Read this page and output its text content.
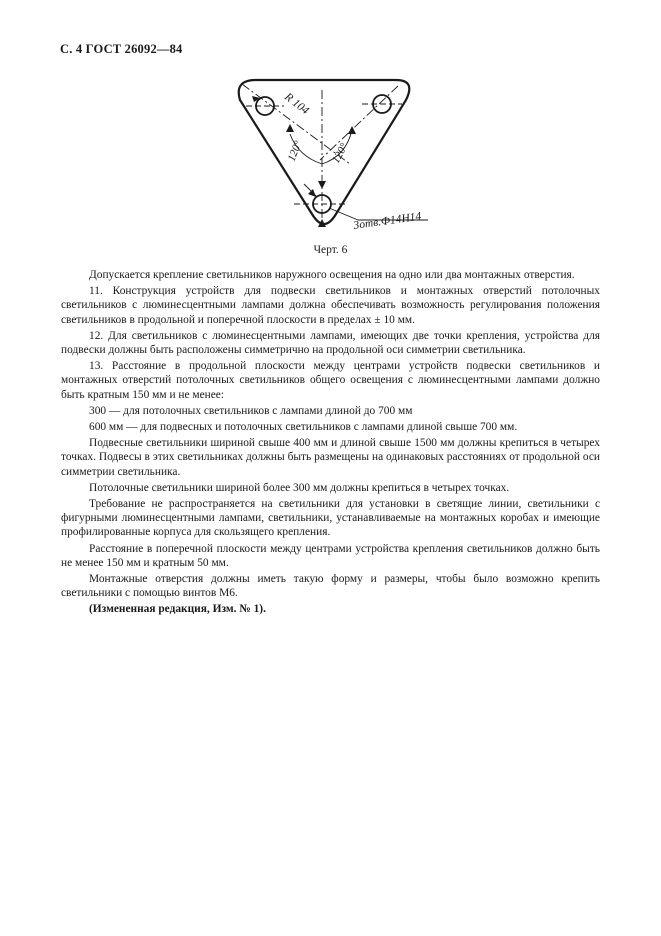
С. 4 ГОСТ 26092—84
R 104
120° 120°
3отв.Ф14Н14
Черт. 6

Допускается крепление светильников наружного освещения на одно или два монтажных отверстия.

11. Конструкция устройств для подвески светильников и монтажных отверстий потолочных светильников с люминесцентными лампами должна обеспечивать возможность регулирования положения светильников в продольной и поперечной плоскости в пределах ± 10 мм.

12. Для светильников с люминесцентными лампами, имеющих две точки крепления, устройства для подвески должны быть расположены симметрично на продольной оси симметрии светильника.

13. Расстояние в продольной плоскости между центрами устройств подвески светильников и монтажных отверстий потолочных светильников общего освещения с люминесцентными лампами должно быть кратным 150 мм и не менее:

300 — для потолочных светильников с лампами длиной до 700 мм

600 мм — для подвесных и потолочных светильников с лампами длиной свыше 700 мм.

Подвесные светильники шириной свыше 400 мм и длиной свыше 1500 мм должны крепиться в четырех точках. Подвесы в этих светильниках должны быть размещены на одинаковых расстояниях от продольной оси симметрии светильника.

Потолочные светильники шириной более 300 мм должны крепиться в четырех точках.

Требование не распространяется на светильники для установки в светящие линии, светильники с фигурными люминесцентными лампами, светильники, устанавливаемые на монтажных коробах и имеющие профилированные корпуса для скользящего крепления.

Расстояние в поперечной плоскости между центрами устройства крепления светильников должно быть не менее 150 мм и кратным 50 мм.

Монтажные отверстия должны иметь такую форму и размеры, чтобы было возможно крепить светильники с помощью винтов М6.

(Измененная редакция, Изм. № 1).
